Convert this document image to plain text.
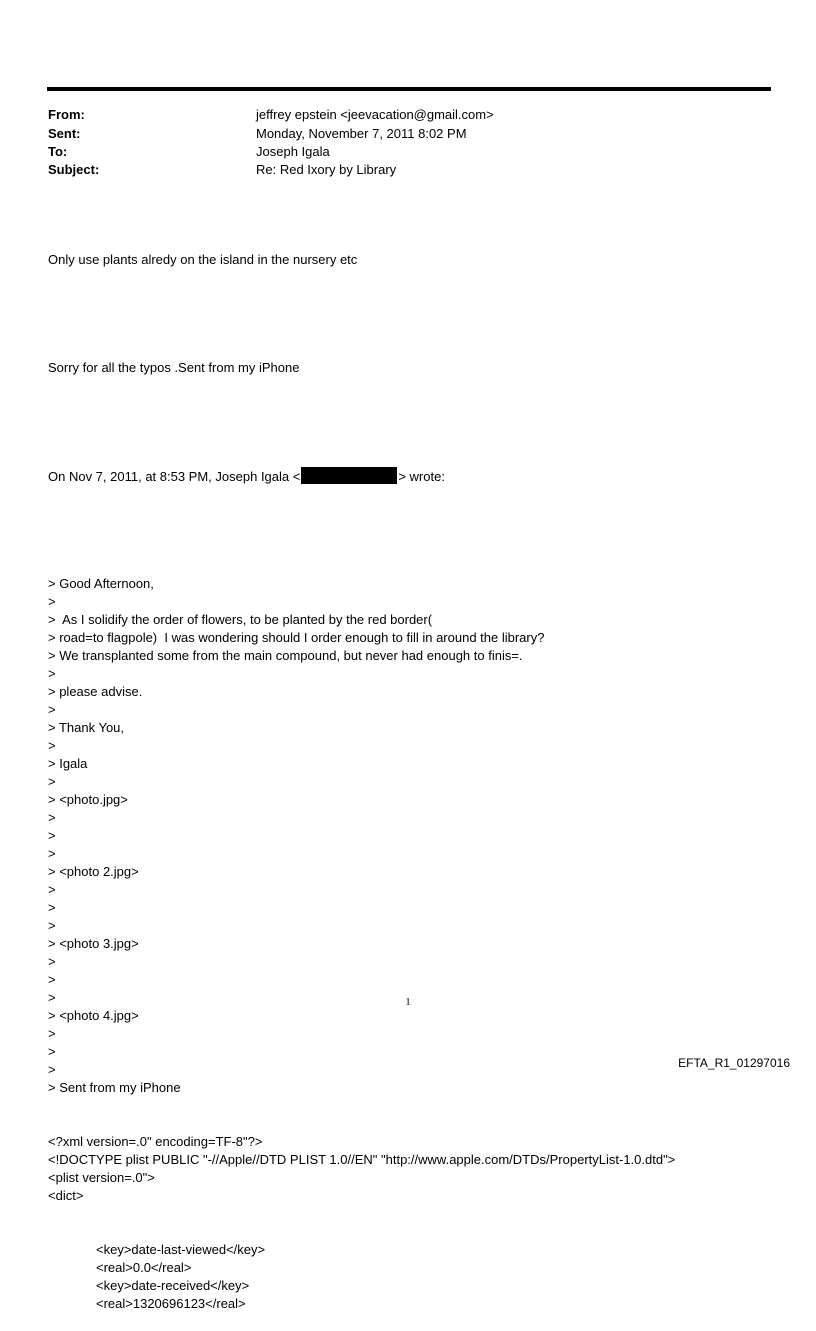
From:	jeffrey epstein <jeevacation@gmail.com>
Sent:	Monday, November 7, 2011 8:02 PM
To:	Joseph Igala
Subject:	Re: Red Ixory by Library

Only use plants alredy on the island in the nursery etc

Sorry for all the typos .Sent from my iPhone

On Nov 7, 2011, at 8:53 PM, Joseph Igala <	> wrote:

> Good Afternoon,
>
>  As I solidify the order of flowers, to be planted by the red border(
> road=to flagpole)  I was wondering should I order enough to fill in around the library?
> We transplanted some from the main compound, but never had enough to finis=.
>
> please advise.
>
> Thank You,
>
> Igala
>
> <photo.jpg>
>
>
>
> <photo 2.jpg>
>
>
>
> <photo 3.jpg>
>
>
>
> <photo 4.jpg>
>
>
>
> Sent from my iPhone

<?xml version=.0" encoding=TF-8"?>
<!DOCTYPE plist PUBLIC "-//Apple//DTD PLIST 1.0//EN" "http://www.apple.com/DTDs/PropertyList-1.0.dtd">
<plist version=.0">
<dict>

<key>date-last-viewed</key>
<real>0.0</real>
<key>date-received</key>
<real>1320696123</real>

1
EFTA_R1_01297016
